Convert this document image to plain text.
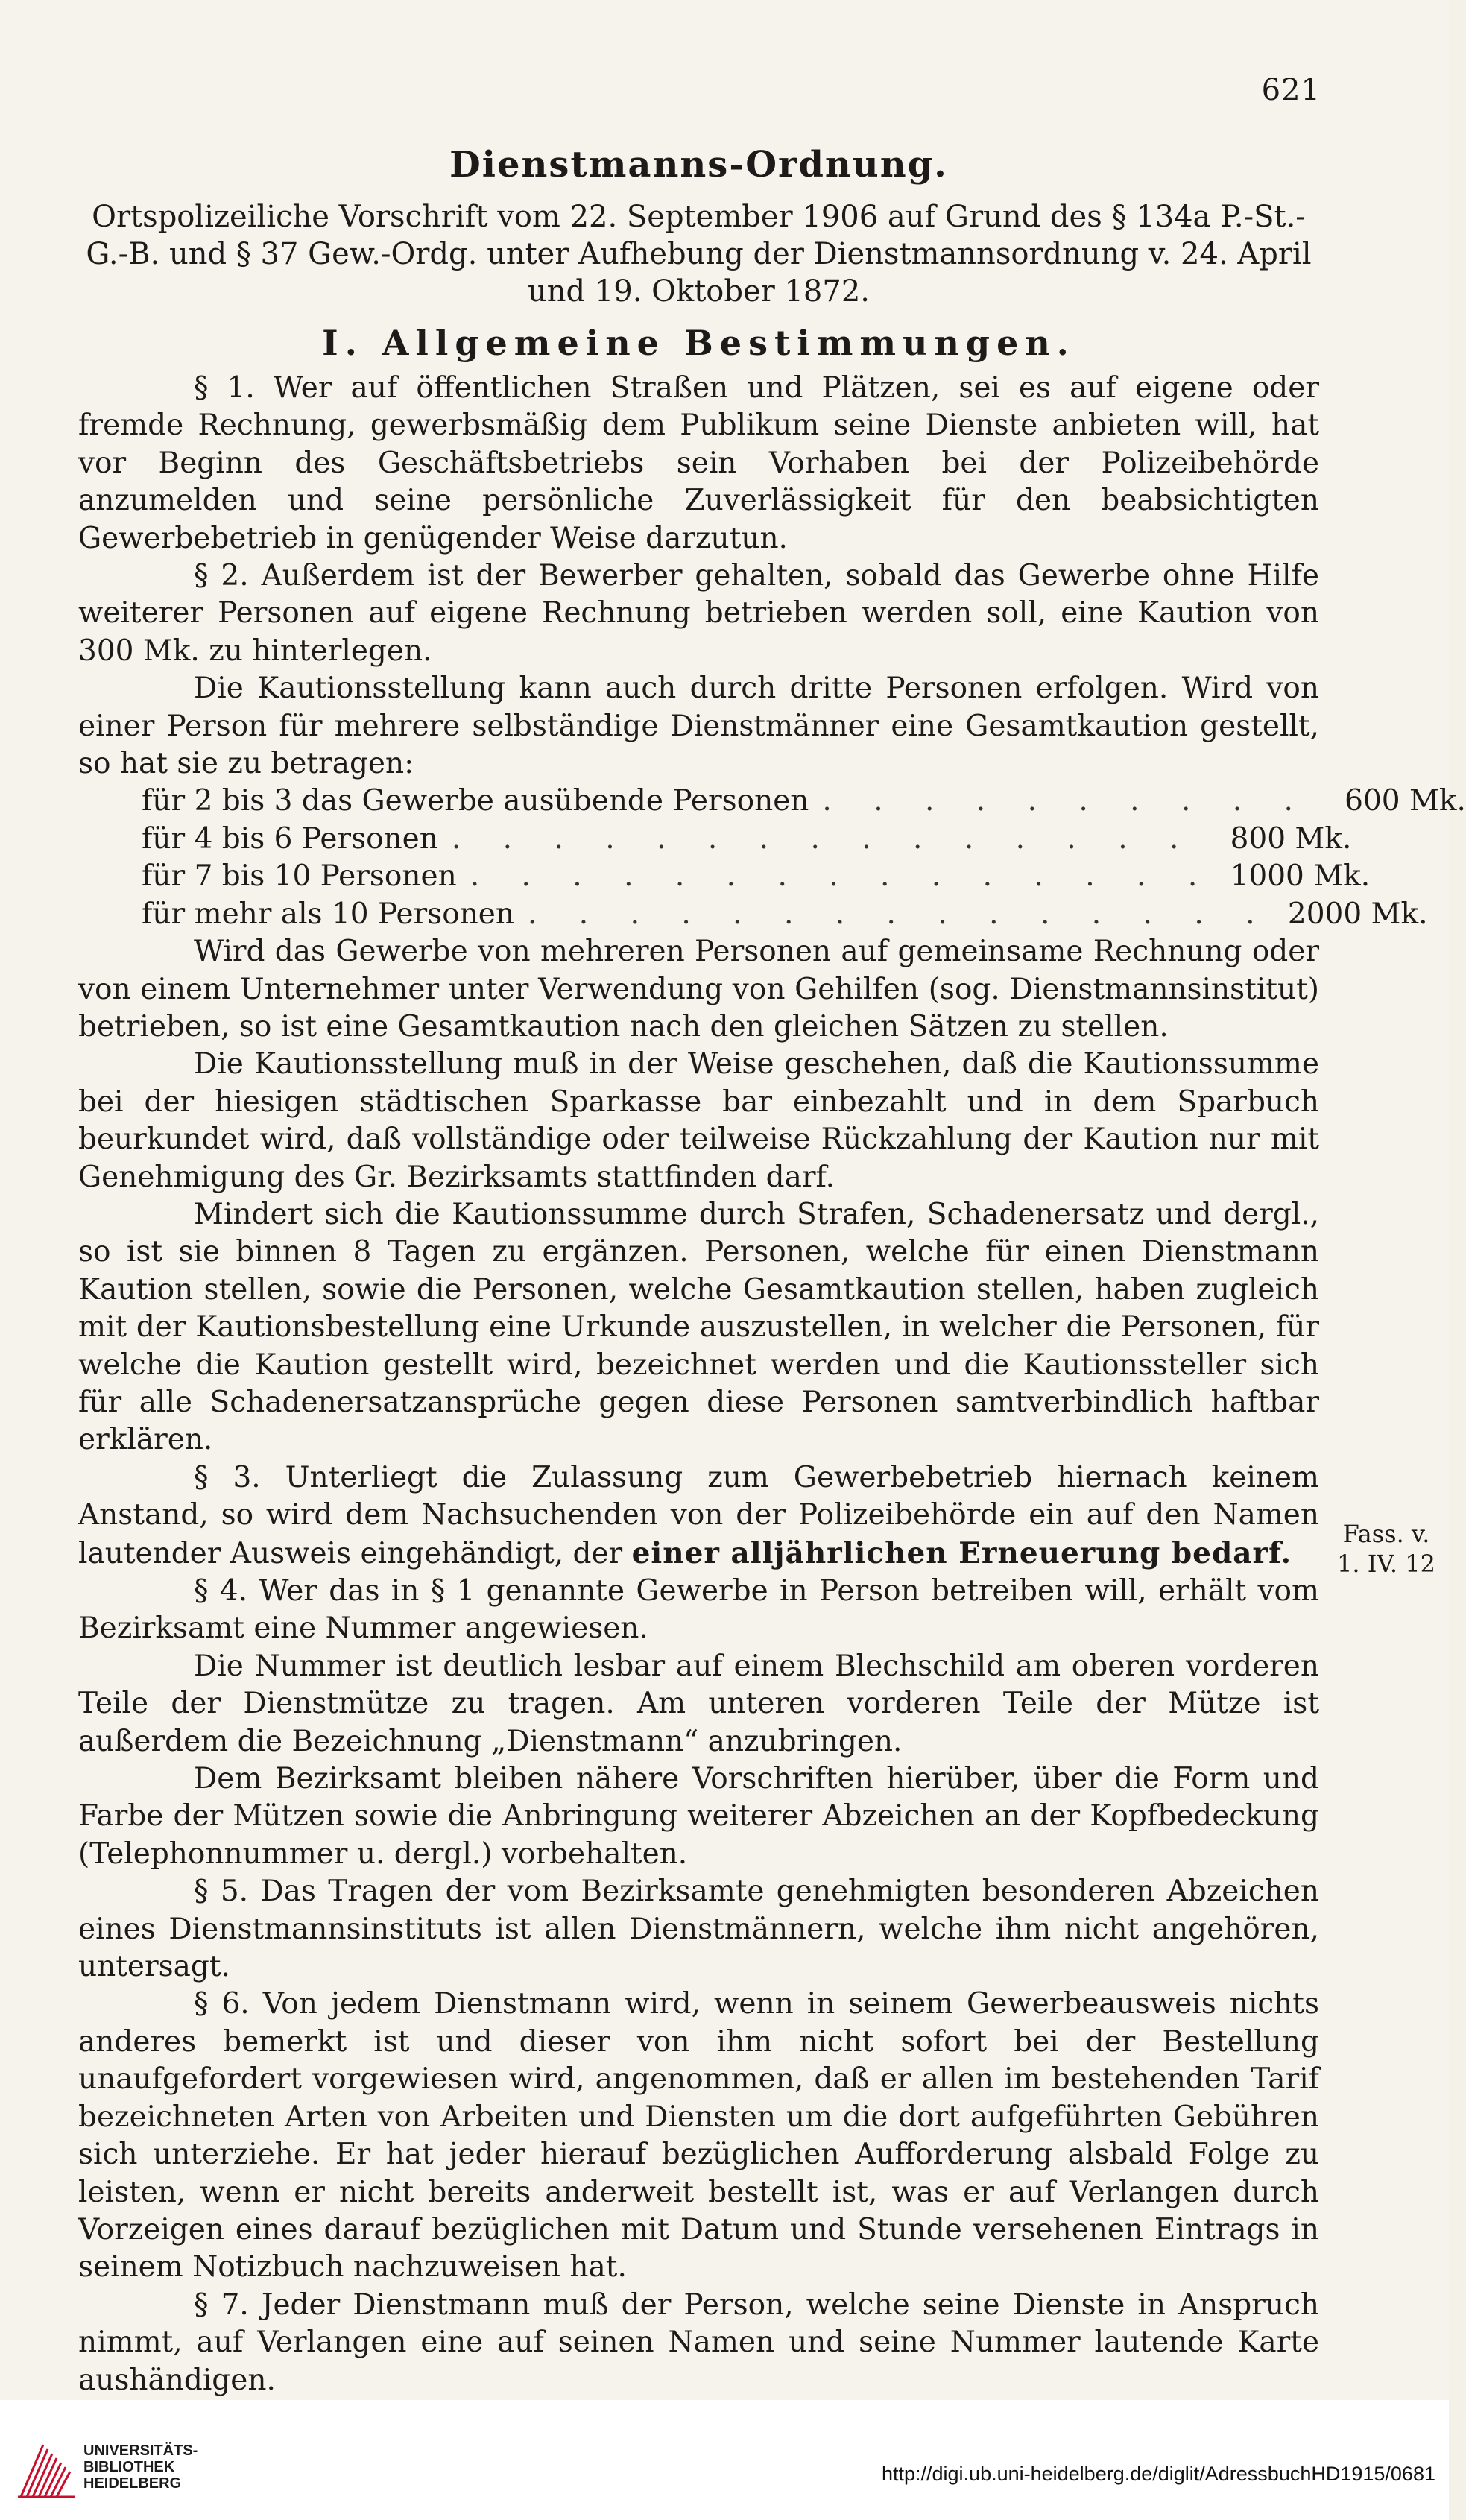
621
Dienstmanns-Ordnung.

Ortspolizeiliche Vorschrift vom 22. September 1906 auf Grund des § 134a P.-St.-G.-B. und § 37 Gew.-Ordg. unter Aufhebung der Dienstmannsordnung v. 24. April und 19. Oktober 1872.

I. Allgemeine Bestimmungen.

§ 1. Wer auf öffentlichen Straßen und Plätzen, sei es auf eigene oder fremde Rechnung, gewerbsmäßig dem Publikum seine Dienste anbieten will, hat vor Beginn des Geschäftsbetriebs sein Vorhaben bei der Polizeibehörde anzumelden und seine persönliche Zuverlässigkeit für den beabsichtigten Gewerbebetrieb in genügender Weise darzutun.

§ 2. Außerdem ist der Bewerber gehalten, sobald das Gewerbe ohne Hilfe weiterer Personen auf eigene Rechnung betrieben werden soll, eine Kaution von 300 Mk. zu hinterlegen.

Die Kautionsstellung kann auch durch dritte Personen erfolgen. Wird von einer Person für mehrere selbständige Dienstmänner eine Gesamtkaution gestellt, so hat sie zu betragen:

für 2 bis 3 das Gewerbe ausübende Personen . . . . . . . . . .	600 Mk.
für 4 bis 6 Personen . . . . . . . . . . . . . . .	800 Mk.
für 7 bis 10 Personen . . . . . . . . . . . . . . . 1000 Mk.
für mehr als 10 Personen . . . . . . . . . . . . . . . 2000 Mk.

Wird das Gewerbe von mehreren Personen auf gemeinsame Rechnung oder von einem Unternehmer unter Verwendung von Gehilfen (sog. Dienstmannsinstitut) betrieben, so ist eine Gesamtkaution nach den gleichen Sätzen zu stellen.

Die Kautionsstellung muß in der Weise geschehen, daß die Kautionssumme bei der hiesigen städtischen Sparkasse bar einbezahlt und in dem Sparbuch beurkundet wird, daß vollständige oder teilweise Rückzahlung der Kaution nur mit Genehmigung des Gr. Bezirksamts stattfinden darf.

Mindert sich die Kautionssumme durch Strafen, Schadenersatz und dergl., so ist sie binnen 8 Tagen zu ergänzen. Personen, welche für einen Dienstmann Kaution stellen, sowie die Personen, welche Gesamtkaution stellen, haben zugleich mit der Kautionsbestellung eine Urkunde auszustellen, in welcher die Personen, für welche die Kaution gestellt wird, bezeichnet werden und die Kautionssteller sich für alle Schadenersatzansprüche gegen diese Personen samtverbindlich haftbar erklären.

§ 3. Unterliegt die Zulassung zum Gewerbebetrieb hiernach keinem Anstand, so wird dem Nachsuchenden von der Polizeibehörde ein auf den Namen lautender Ausweis eingehändigt, der einer alljährlichen Erneuerung bedarf.

§ 4. Wer das in § 1 genannte Gewerbe in Person betreiben will, erhält vom Bezirksamt eine Nummer angewiesen.

Die Nummer ist deutlich lesbar auf einem Blechschild am oberen vorderen Teile der Dienstmütze zu tragen. Am unteren vorderen Teile der Mütze ist außerdem die Bezeichnung „Dienstmann“ anzubringen.

Dem Bezirksamt bleiben nähere Vorschriften hierüber, über die Form und Farbe der Mützen sowie die Anbringung weiterer Abzeichen an der Kopfbedeckung (Telephonnummer u. dergl.) vorbehalten.

§ 5. Das Tragen der vom Bezirksamte genehmigten besonderen Abzeichen eines Dienstmannsinstituts ist allen Dienstmännern, welche ihm nicht angehören, untersagt.

§ 6. Von jedem Dienstmann wird, wenn in seinem Gewerbeausweis nichts anderes bemerkt ist und dieser von ihm nicht sofort bei der Bestellung unaufgefordert vorgewiesen wird, angenommen, daß er allen im bestehenden Tarif bezeichneten Arten von Arbeiten und Diensten um die dort aufgeführten Gebühren sich unterziehe. Er hat jeder hierauf bezüglichen Aufforderung alsbald Folge zu leisten, wenn er nicht bereits anderweit bestellt ist, was er auf Verlangen durch Vorzeigen eines darauf bezüglichen mit Datum und Stunde versehenen Eintrags in seinem Notizbuch nachzuweisen hat.

§ 7. Jeder Dienstmann muß der Person, welche seine Dienste in Anspruch nimmt, auf Verlangen eine auf seinen Namen und seine Nummer lautende Karte aushändigen.

Fass. v.
1. IV. 12
UNIVERSITÄTS-
BIBLIOTHEK
HEIDELBERG	http://digi.ub.uni-heidelberg.de/diglit/AdressbuchHD1915/0681
